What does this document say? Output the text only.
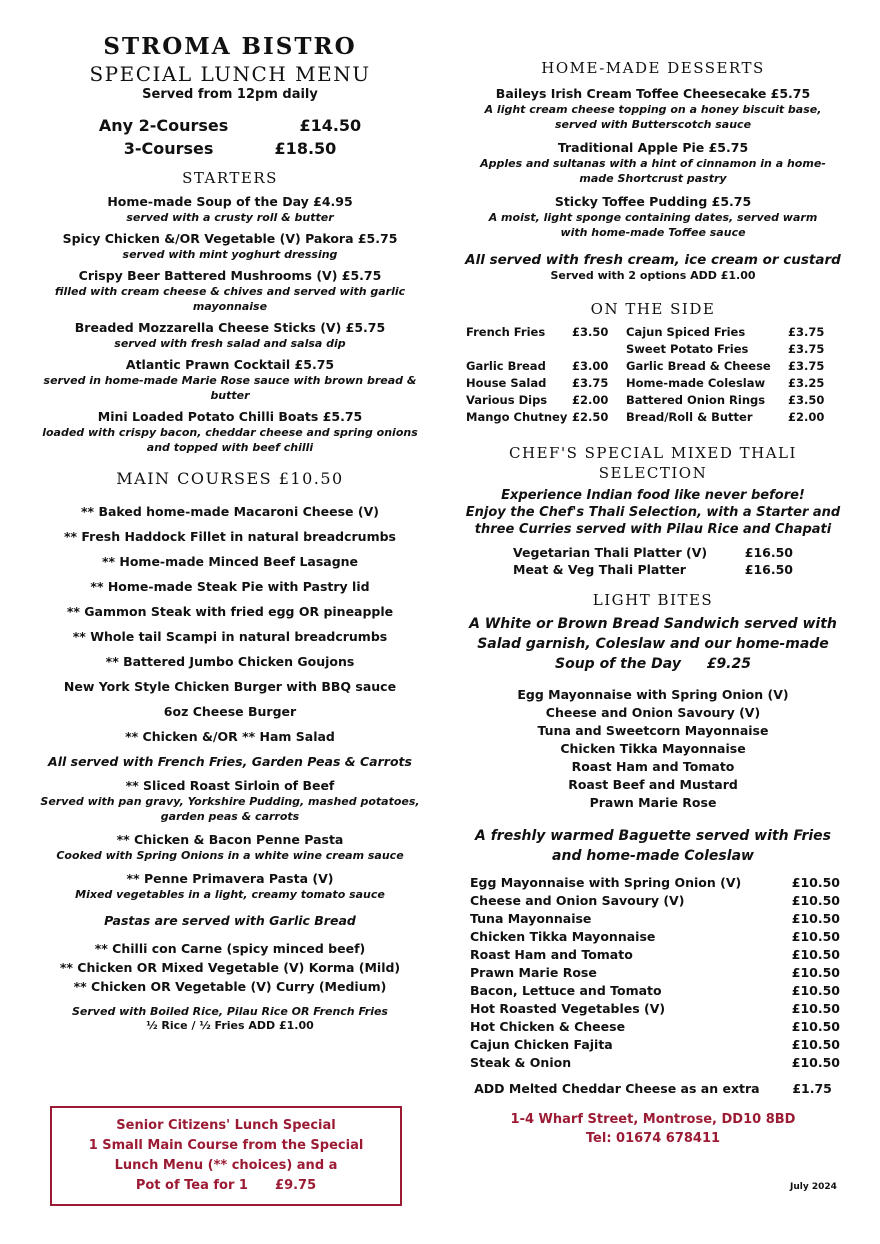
STROMA BISTRO
SPECIAL LUNCH MENU
Served from 12pm daily
Any 2-Courses	£14.50
3-Courses	£18.50
STARTERS
Home-made Soup of the Day £4.95
served with a crusty roll & butter
Spicy Chicken &/OR Vegetable (V) Pakora £5.75
served with mint yoghurt dressing
Crispy Beer Battered Mushrooms (V) £5.75
filled with cream cheese & chives and served with garlic mayonnaise
Breaded Mozzarella Cheese Sticks (V) £5.75
served with fresh salad and salsa dip
Atlantic Prawn Cocktail £5.75
served in home-made Marie Rose sauce with brown bread & butter
Mini Loaded Potato Chilli Boats £5.75
loaded with crispy bacon, cheddar cheese and spring onions and topped with beef chilli
MAIN COURSES £10.50
** Baked home-made Macaroni Cheese (V)
** Fresh Haddock Fillet in natural breadcrumbs
** Home-made Minced Beef Lasagne
** Home-made Steak Pie with Pastry lid
** Gammon Steak with fried egg OR pineapple
** Whole tail Scampi in natural breadcrumbs
** Battered Jumbo Chicken Goujons
New York Style Chicken Burger with BBQ sauce
6oz Cheese Burger
** Chicken &/OR ** Ham Salad
All served with French Fries, Garden Peas & Carrots
** Sliced Roast Sirloin of Beef
Served with pan gravy, Yorkshire Pudding, mashed potatoes, garden peas & carrots
** Chicken & Bacon Penne Pasta
Cooked with Spring Onions in a white wine cream sauce
** Penne Primavera Pasta (V)
Mixed vegetables in a light, creamy tomato sauce
Pastas are served with Garlic Bread
** Chilli con Carne (spicy minced beef)
** Chicken OR Mixed Vegetable (V) Korma (Mild)
** Chicken OR Vegetable (V) Curry (Medium)
Served with Boiled Rice, Pilau Rice OR French Fries
½ Rice / ½ Fries ADD £1.00
Senior Citizens' Lunch Special
1 Small Main Course from the Special
Lunch Menu (** choices) and a
Pot of Tea for 1 £9.75
HOME-MADE DESSERTS
Baileys Irish Cream Toffee Cheesecake £5.75
A light cream cheese topping on a honey biscuit base, served with Butterscotch sauce
Traditional Apple Pie £5.75
Apples and sultanas with a hint of cinnamon in a home-made Shortcrust pastry
Sticky Toffee Pudding £5.75
A moist, light sponge containing dates, served warm with home-made Toffee sauce
All served with fresh cream, ice cream or custard
Served with 2 options ADD £1.00
ON THE SIDE
French Fries	£3.50	Cajun Spiced Fries	£3.75
		Sweet Potato Fries	£3.75
Garlic Bread	£3.00	Garlic Bread & Cheese	£3.75
House Salad	£3.75	Home-made Coleslaw	£3.25
Various Dips	£2.00	Battered Onion Rings	£3.50
Mango Chutney	£2.50	Bread/Roll & Butter	£2.00
CHEF'S SPECIAL MIXED THALI SELECTION
Experience Indian food like never before!
Enjoy the Chef's Thali Selection, with a Starter and three Curries served with Pilau Rice and Chapati
Vegetarian Thali Platter (V)	£16.50
Meat & Veg Thali Platter	£16.50
LIGHT BITES
A White or Brown Bread Sandwich served with Salad garnish, Coleslaw and our home-made Soup of the Day £9.25
Egg Mayonnaise with Spring Onion (V)
Cheese and Onion Savoury (V)
Tuna and Sweetcorn Mayonnaise
Chicken Tikka Mayonnaise
Roast Ham and Tomato
Roast Beef and Mustard
Prawn Marie Rose
A freshly warmed Baguette served with Fries and home-made Coleslaw
Egg Mayonnaise with Spring Onion (V)	£10.50
Cheese and Onion Savoury (V)	£10.50
Tuna Mayonnaise	£10.50
Chicken Tikka Mayonnaise	£10.50
Roast Ham and Tomato	£10.50
Prawn Marie Rose	£10.50
Bacon, Lettuce and Tomato	£10.50
Hot Roasted Vegetables (V)	£10.50
Hot Chicken & Cheese	£10.50
Cajun Chicken Fajita	£10.50
Steak & Onion	£10.50
ADD Melted Cheddar Cheese as an extra	£1.75
1-4 Wharf Street, Montrose, DD10 8BD
Tel: 01674 678411
July 2024
